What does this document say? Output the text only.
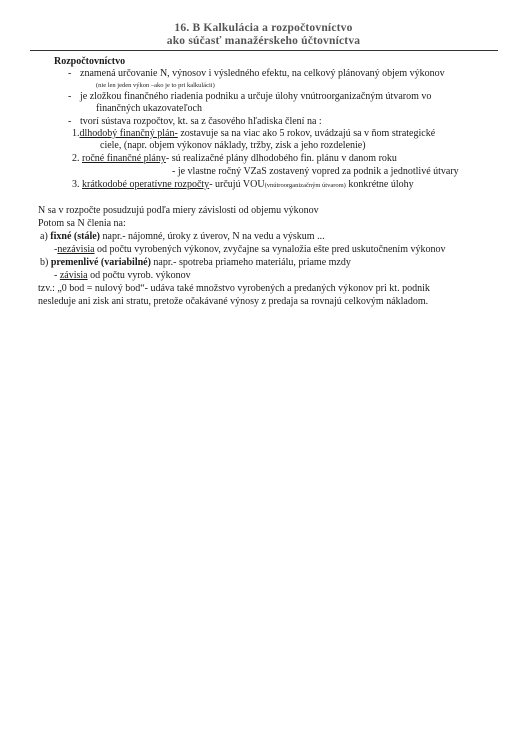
16. B Kalkulácia a rozpočtovníctvo
ako súčasť manažérskeho účtovníctva
Rozpočtovníctvo
- znamená určovanie N, výnosov i výsledného efektu, na celkový plánovaný objem výkonov
(nie len jeden výkon –ako je to pri kalkulácii)
- je zložkou finančného riadenia podniku a určuje úlohy vnútroorganizačným útvarom vo
finančných ukazovateľoch
- tvorí sústava rozpočtov, kt. sa z časového hľadiska člení na :
1.dlhodobý finančný plán- zostavuje sa na viac ako 5 rokov, uvádzajú sa v ňom strategické
ciele, (napr. objem výkonov náklady, tržby, zisk a jeho rozdelenie)
2. ročné finančné plány- sú realizačné plány dlhodobého fin. plánu v danom roku
- je vlastne ročný VZaS zostavený vopred za podnik a jednotlivé útvary
3. krátkodobé operatívne rozpočty- určujú VOU(vnútroorganizačným útvarom) konkrétne úlohy
N sa v rozpočte posudzujú podľa miery závislosti od objemu výkonov
Potom sa N členia na:
a) fixné (stále) napr.- nájomné, úroky z úverov, N na vedu a výskum ...
-nezávisia od počtu vyrobených výkonov, zvyčajne sa vynaložia ešte pred uskutočnením výkonov
b) premenlivé (variabilné) napr.- spotreba priameho materiálu, priame mzdy
- závisia od počtu vyrob. výkonov
tzv.: „0 bod = nulový bod“- udáva také množstvo vyrobených a predaných výkonov pri kt. podnik
nesleduje ani zisk ani stratu, pretože očakávané výnosy z predaja sa rovnajú celkovým nákladom.
